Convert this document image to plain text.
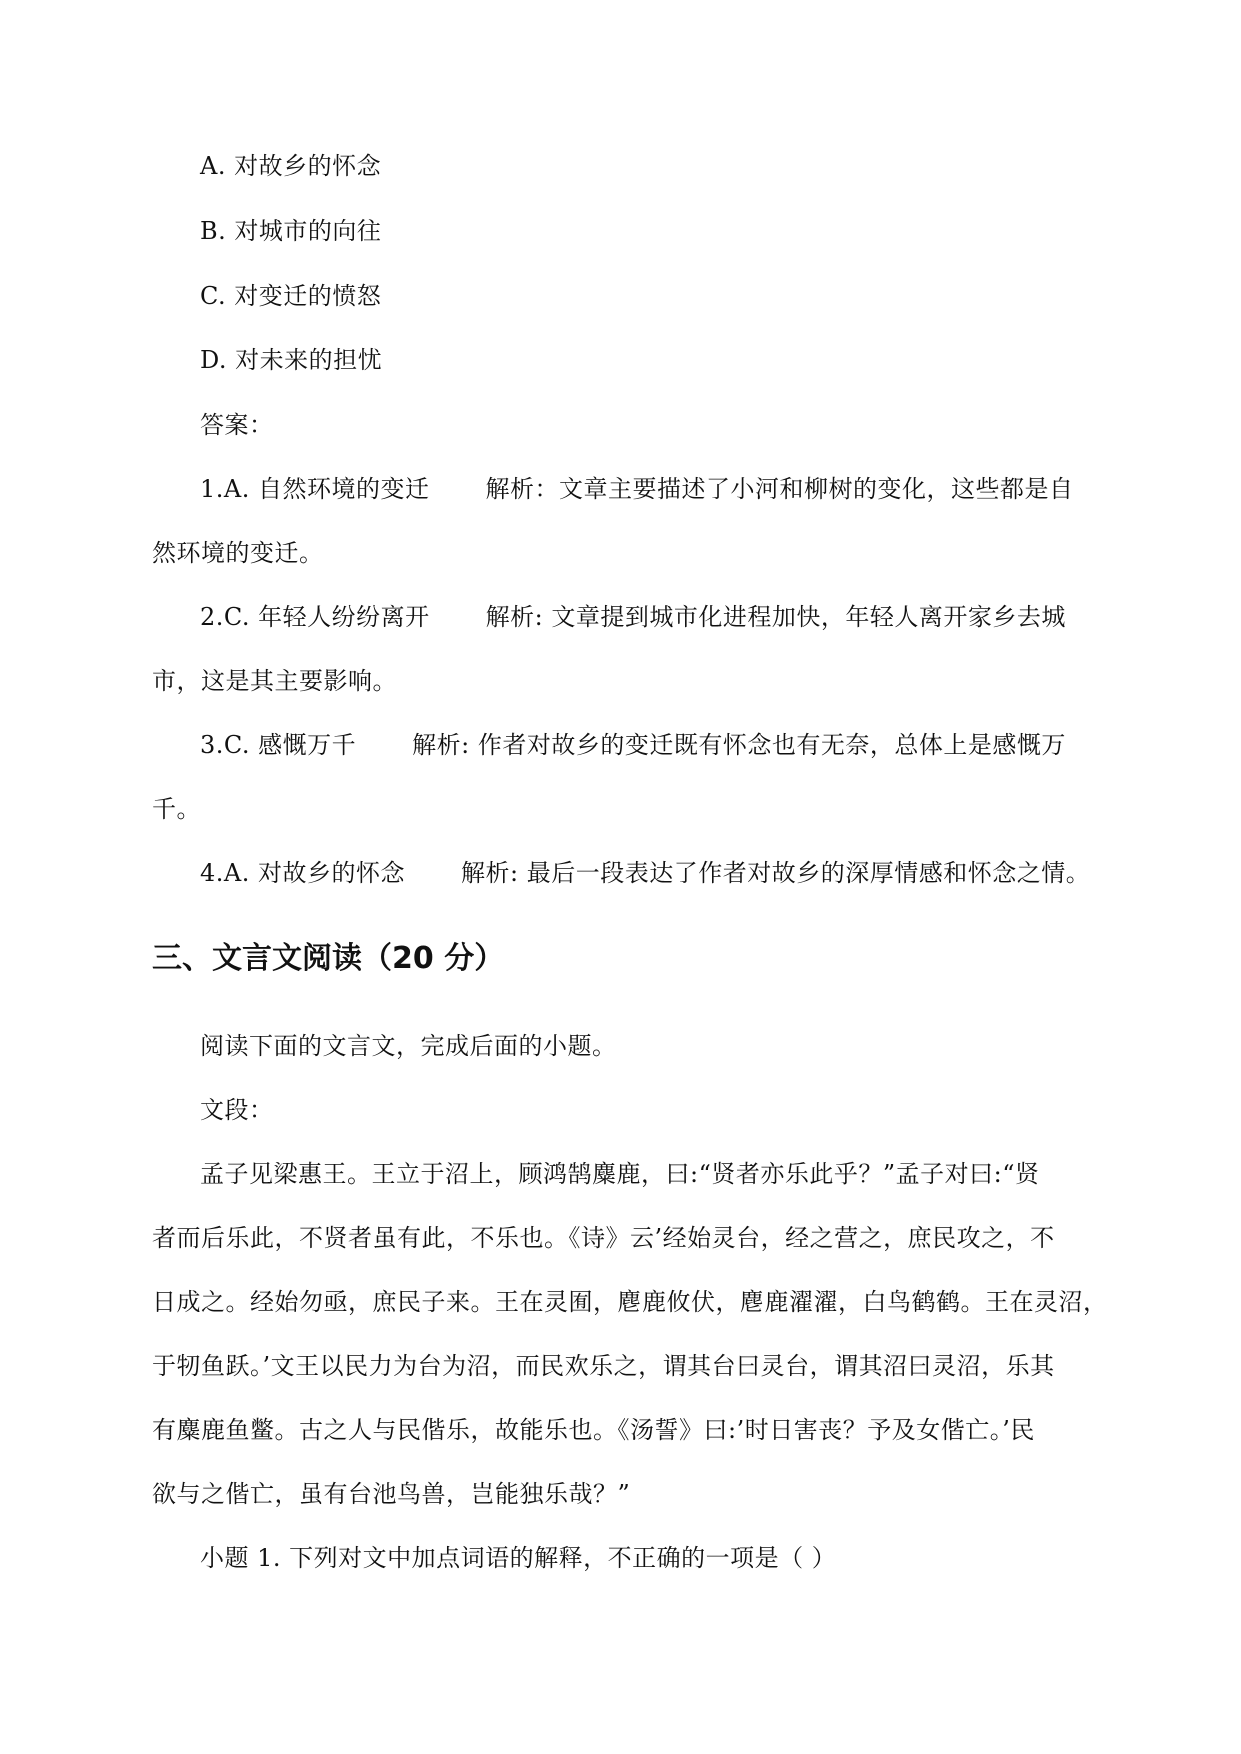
A. 对故乡的怀念
B. 对城市的向往
C. 对变迁的愤怒
D. 对未来的担忧
答案：
1.A. 自然环境的变迁 解析：文章主要描述了小河和柳树的变化，这些都是自
然环境的变迁。
2.C. 年轻人纷纷离开 解析: 文章提到城市化进程加快，年轻人离开家乡去城
市，这是其主要影响。
3.C. 感慨万千 解析: 作者对故乡的变迁既有怀念也有无奈，总体上是感慨万
千。
4.A. 对故乡的怀念 解析: 最后一段表达了作者对故乡的深厚情感和怀念之情。
三、文言文阅读（20 分）
阅读下面的文言文，完成后面的小题。
文段：
孟子见梁惠王。王立于沼上，顾鸿鹄麋鹿，曰:“贤者亦乐此乎？”孟子对曰:“贤
者而后乐此，不贤者虽有此，不乐也。《诗》云’经始灵台，经之营之，庶民攻之，不
日成之。经始勿亟，庶民子来。王在灵囿，麀鹿攸伏，麀鹿濯濯，白鸟鹤鹤。王在灵沼，
于牣鱼跃。’文王以民力为台为沼，而民欢乐之，谓其台曰灵台，谓其沼曰灵沼，乐其
有麋鹿鱼鳖。古之人与民偕乐，故能乐也。《汤誓》曰:’时日害丧？予及女偕亡。’民
欲与之偕亡，虽有台池鸟兽，岂能独乐哉？”
小题 1. 下列对文中加点词语的解释，不正确的一项是（ ）
